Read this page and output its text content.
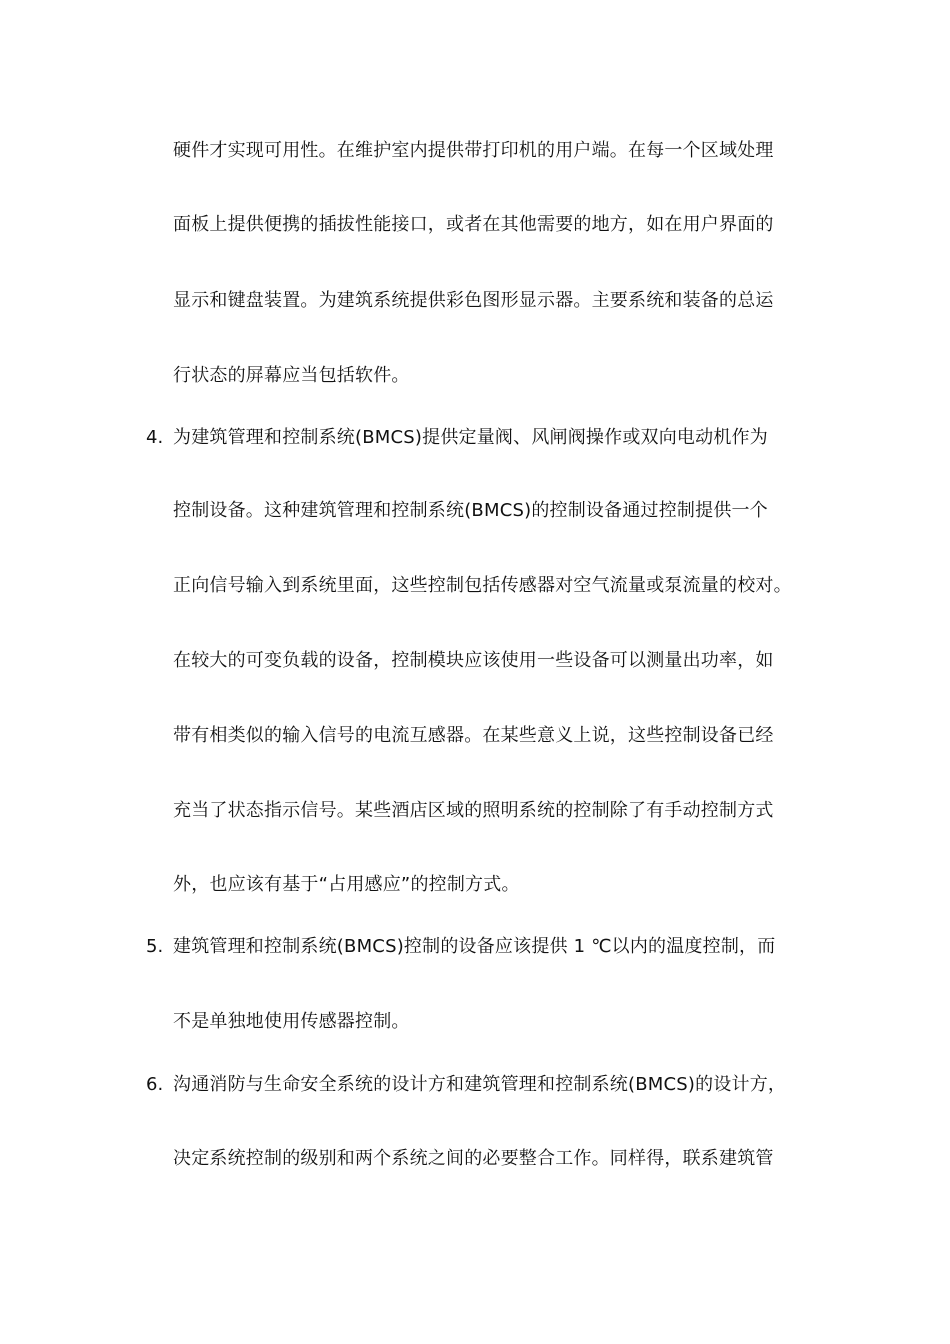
硬件才实现可用性。在维护室内提供带打印机的用户端。在每一个区域处理
面板上提供便携的插拔性能接口，或者在其他需要的地方，如在用户界面的
显示和键盘装置。为建筑系统提供彩色图形显示器。主要系统和装备的总运
行状态的屏幕应当包括软件。
4. 为建筑管理和控制系统(BMCS)提供定量阀、风闸阀操作或双向电动机作为
控制设备。这种建筑管理和控制系统(BMCS)的控制设备通过控制提供一个
正向信号输入到系统里面，这些控制包括传感器对空气流量或泵流量的校对。
在较大的可变负载的设备，控制模块应该使用一些设备可以测量出功率，如
带有相类似的输入信号的电流互感器。在某些意义上说，这些控制设备已经
充当了状态指示信号。某些酒店区域的照明系统的控制除了有手动控制方式
外，也应该有基于“占用感应”的控制方式。
5. 建筑管理和控制系统(BMCS)控制的设备应该提供 1 ℃以内的温度控制，而
不是单独地使用传感器控制。
6. 沟通消防与生命安全系统的设计方和建筑管理和控制系统(BMCS)的设计方，
决定系统控制的级别和两个系统之间的必要整合工作。同样得，联系建筑管
